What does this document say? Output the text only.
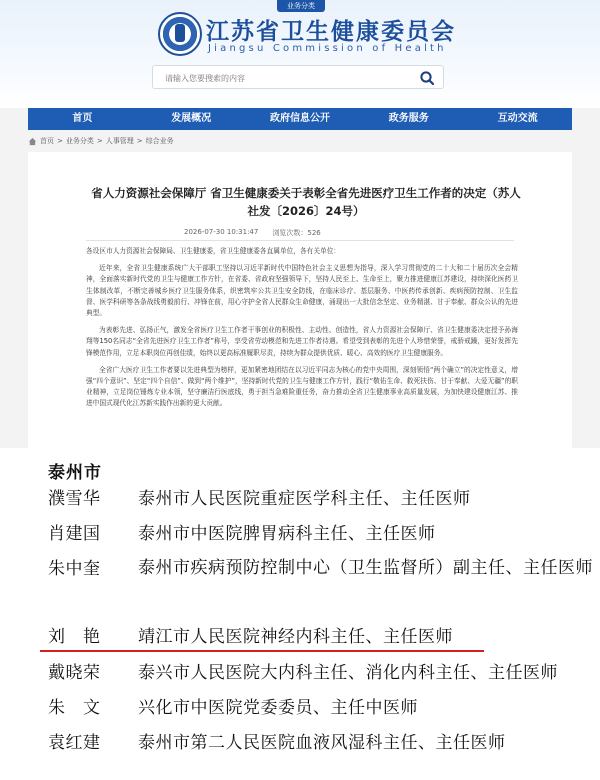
业务分类
江苏省卫生健康委员会
Jiangsu Commission of Health
请输入您要搜索的内容
首页	发展概况	政府信息公开	政务服务	互动交流
首页 > 业务分类 > 人事管理 > 综合业务
省人力资源社会保障厅 省卫生健康委关于表彰全省先进医疗卫生工作者的决定（苏人社发〔2026〕24号）
2026-07-30 10:31:47 浏览次数：526

各设区市人力资源社会保障局、卫生健康委，省卫生健康委各直属单位，各有关单位：

近年来，全省卫生健康系统广大干部职工坚持以习近平新时代中国特色社会主义思想为指导，深入学习贯彻党的二十大和二十届历次全会精神，全面落实新时代党的卫生与健康工作方针，在省委、省政府坚强领导下，坚持人民至上、生命至上，聚力推进健康江苏建设，持续深化医药卫生体制改革，不断完善城乡医疗卫生服务体系，织密筑牢公共卫生安全防线，在临床诊疗、基层服务、中医药传承创新、疾病预防控制、卫生监督、医学科研等各条战线勇毅前行、冲锋在前，用心守护全省人民群众生命健康，涌现出一大批信念坚定、业务精湛、甘于奉献、群众公认的先进典型。

为表彰先进、弘扬正气，激发全省医疗卫生工作者干事创业的积极性、主动性、创造性，省人力资源社会保障厅、省卫生健康委决定授予孙海翔等150名同志“全省先进医疗卫生工作者”称号，享受省劳动模范和先进工作者待遇。希望受到表彰的先进个人珍惜荣誉，戒骄戒躁，更好发挥先锋模范作用，立足本职岗位再创佳绩，始终以更高标准履职尽责，持续为群众提供优质、暖心、高效的医疗卫生健康服务。

全省广大医疗卫生工作者要以先进典型为榜样，更加紧密地团结在以习近平同志为核心的党中央周围，深刻领悟“两个确立”的决定性意义，增强“四个意识”、坚定“四个自信”、做到“两个维护”，坚持新时代党的卫生与健康工作方针，践行“敬佑生命、救死扶伤、甘于奉献、大爱无疆”的职业精神，立足岗位锤炼专业本领，坚守廉洁行医底线，勇于担当急难险重任务，奋力推动全省卫生健康事业高质量发展，为加快建设健康江苏、推进中国式现代化江苏新实践作出新的更大贡献。

泰州市
濮雪华	泰州市人民医院重症医学科主任、主任医师
肖建国	泰州市中医院脾胃病科主任、主任医师
朱中奎	泰州市疾病预防控制中心（卫生监督所）副主任、主任医师
刘　艳	靖江市人民医院神经内科主任、主任医师
戴晓荣	泰兴市人民医院大内科主任、消化内科主任、主任医师
朱　文	兴化市中医院党委委员、主任中医师
袁红建	泰州市第二人民医院血液风湿科主任、主任医师
